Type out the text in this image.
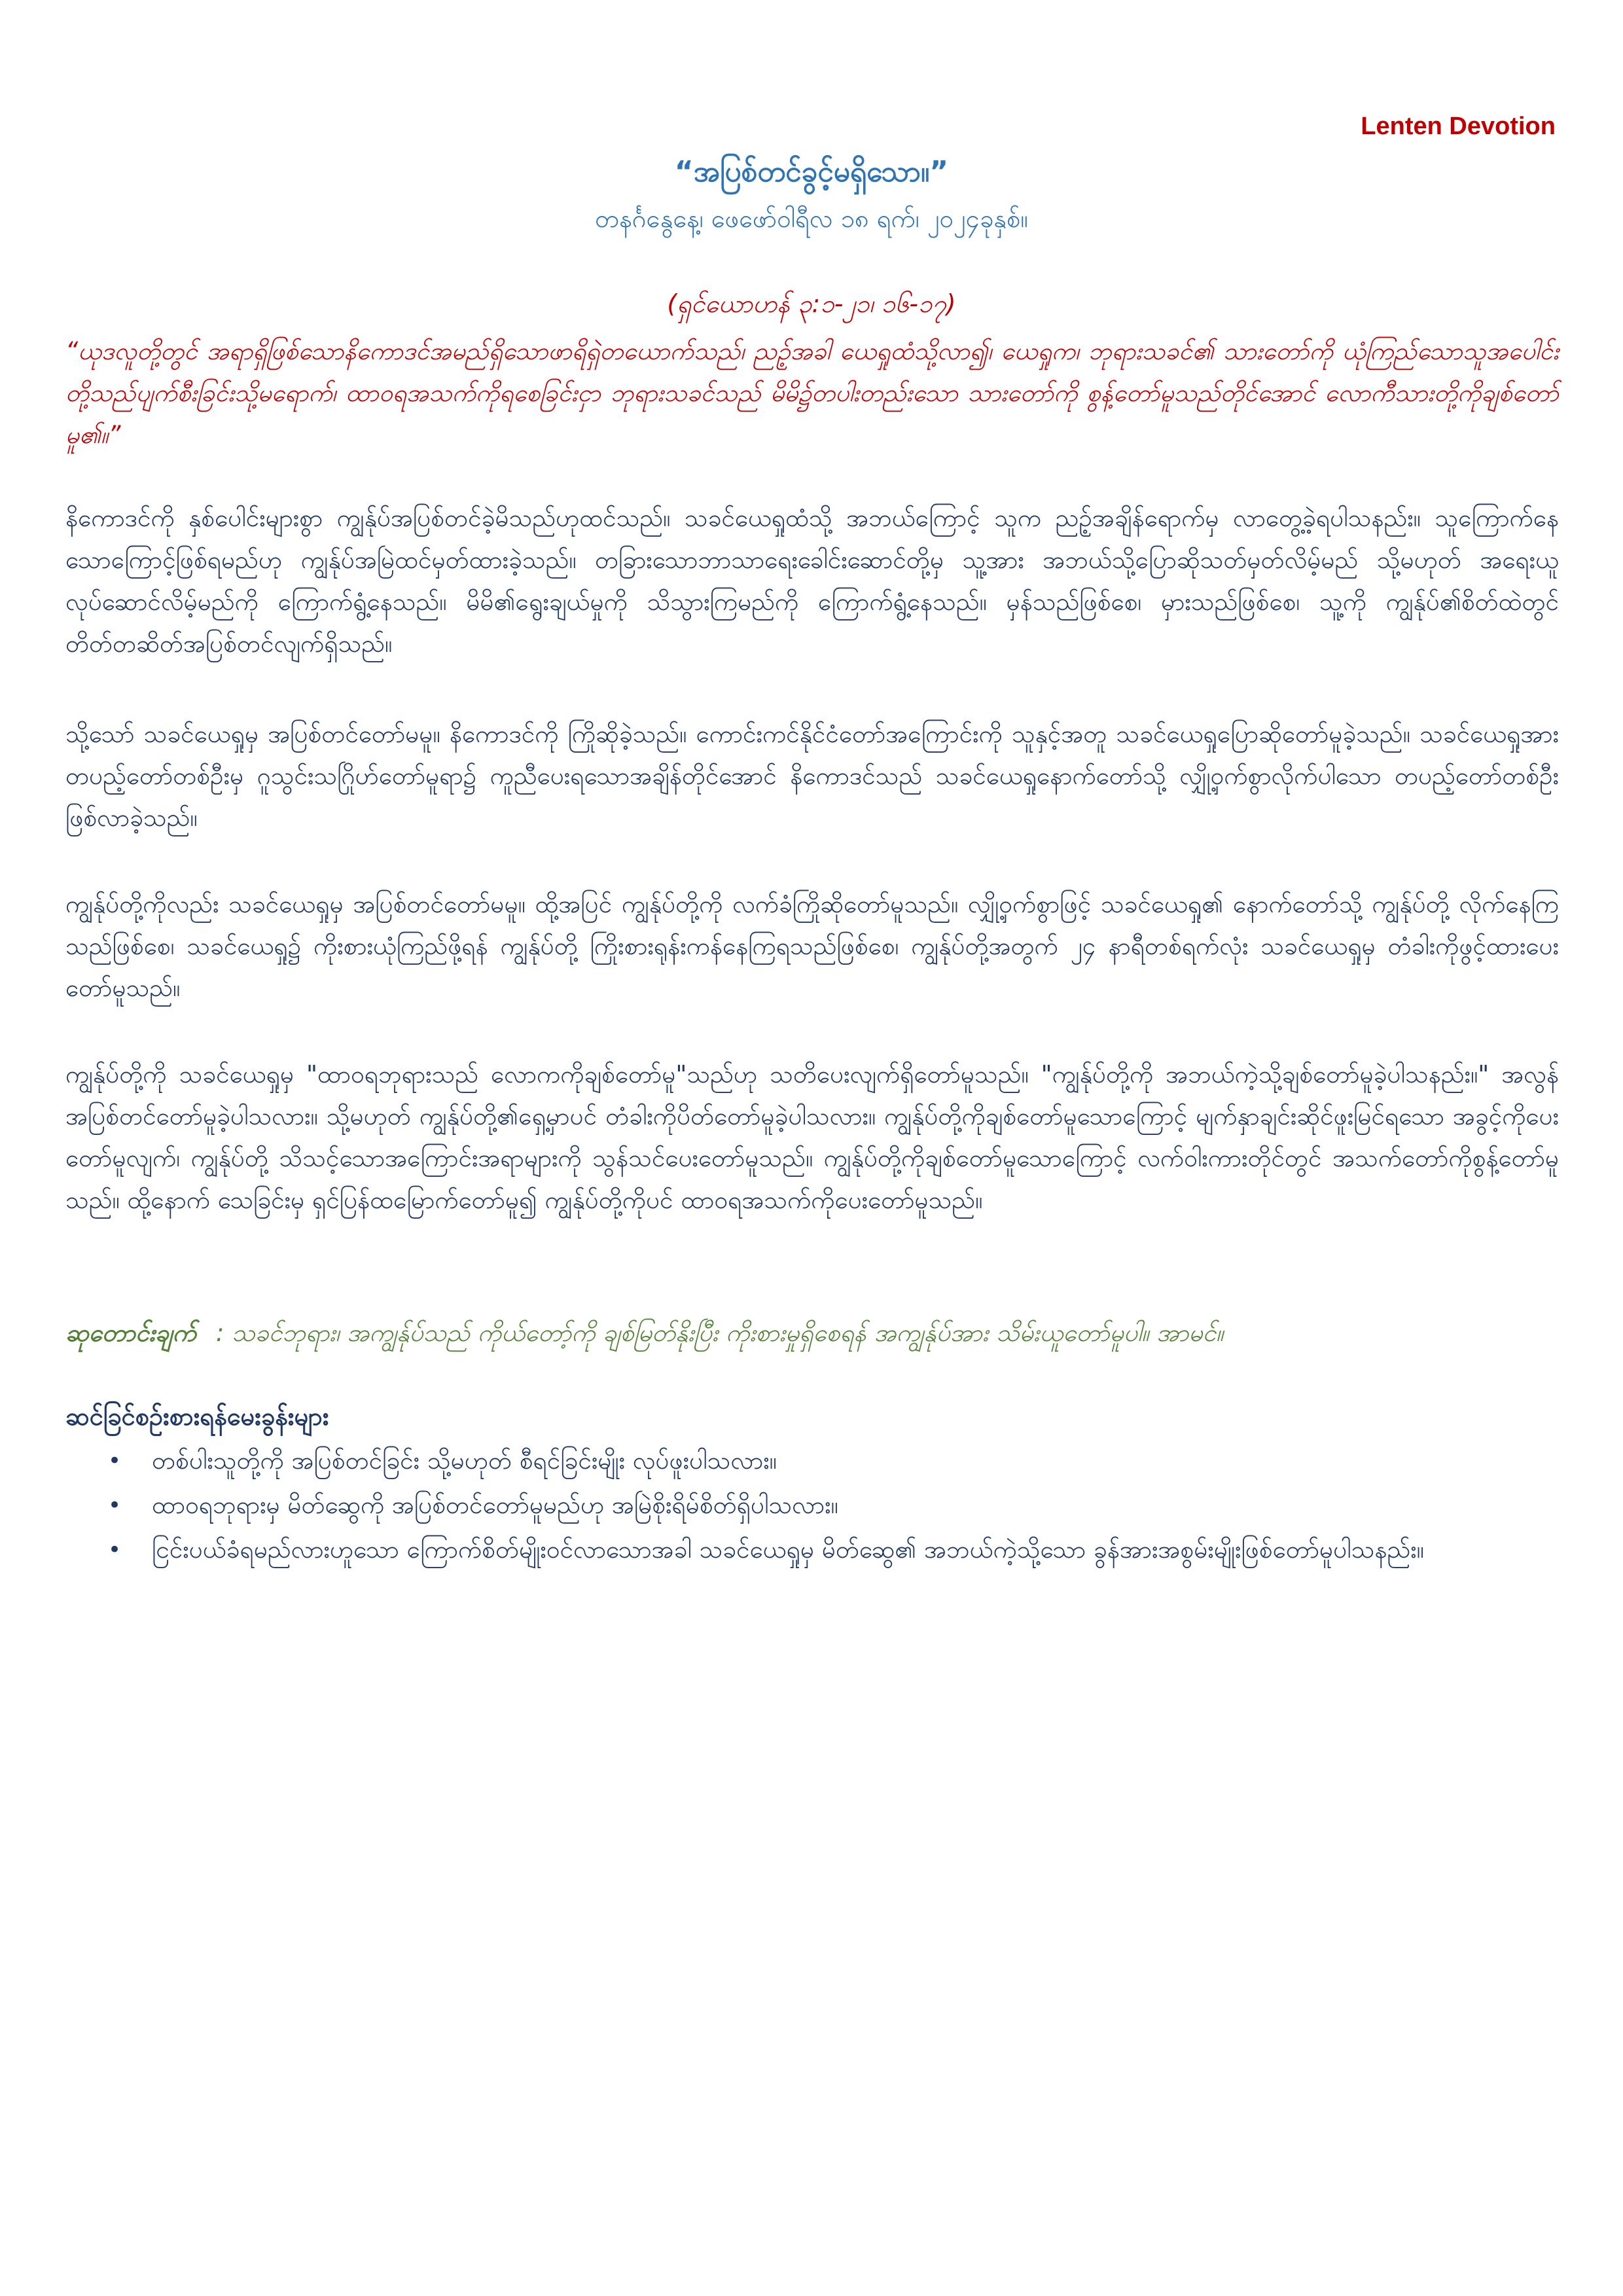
Lenten Devotion
“အပြစ်တင်ခွင့်မရှိသော။”
တနင်္ဂနွေနေ့၊ ဖေဖော်ဝါရီလ ၁၈ ရက်၊ ၂၀၂၄ခုနှစ်။
(ရှင်ယောဟန် ၃:၁-၂၁၊ ၁၆-၁၇)
“ယုဒလူတို့တွင် အရာရှိဖြစ်သောနိကောဒင်အမည်ရှိသောဖာရိရှဲတယောက်သည်၊ ညဥ့်အခါ ယေရှုထံသို့လာ၍၊ ယေရှုက၊ ဘုရားသခင်၏ သားတော်ကို ယုံကြည်သောသူအပေါင်းတို့သည်ပျက်စီးခြင်းသို့မရောက်၊ ထာဝရအသက်ကိုရစေခြင်းငှာ ဘုရားသခင်သည် မိမိ၌တပါးတည်းသော သားတော်ကို စွန့်တော်မူသည်တိုင်အောင် လောကီသားတို့ကိုချစ်တော်မူ၏။”
နိကောဒင်ကို နှစ်ပေါင်းများစွာ ကျွန်ုပ်အပြစ်တင်ခဲ့မိသည်ဟုထင်သည်။ သခင်ယေရှုထံသို့ အဘယ်ကြောင့် သူက ညဥ့်အချိန်ရောက်မှ လာတွေ့ခဲ့ရပါသနည်း။ သူကြောက်နေသောကြောင့်ဖြစ်ရမည်ဟု ကျွန်ုပ်အမြဲထင်မှတ်ထားခဲ့သည်။ တခြားသောဘာသာရေးခေါင်းဆောင်တို့မှ သူ့အား အဘယ်သို့ပြောဆိုသတ်မှတ်လိမ့်မည် သို့မဟုတ် အရေးယူလုပ်ဆောင်လိမ့်မည်ကို ကြောက်ရွံ့နေသည်။ မိမိ၏ရွေးချယ်မှုကို သိသွားကြမည်ကို ကြောက်ရွံ့နေသည်။ မှန်သည်ဖြစ်စေ၊ မှားသည်ဖြစ်စေ၊ သူ့ကို ကျွန်ုပ်၏စိတ်ထဲတွင် တိတ်တဆိတ်အပြစ်တင်လျက်ရှိသည်။
သို့သော် သခင်ယေရှုမှ အပြစ်တင်တော်မမူ။ နိကောဒင်ကို ကြိုဆိုခဲ့သည်။ ကောင်းကင်နိုင်ငံတော်အကြောင်းကို သူနှင့်အတူ သခင်ယေရှုပြောဆိုတော်မူခဲ့သည်။ သခင်ယေရှုအား တပည့်တော်တစ်ဦးမှ ဂူသွင်းသဂြိုဟ်တော်မူရာ၌ ကူညီပေးရသောအချိန်တိုင်အောင် နိကောဒင်သည် သခင်ယေရှုနောက်တော်သို့ လျှို့ဝှက်စွာလိုက်ပါသော တပည့်တော်တစ်ဦးဖြစ်လာခဲ့သည်။
ကျွန်ုပ်တို့ကိုလည်း သခင်ယေရှုမှ အပြစ်တင်တော်မမူ။ ထို့အပြင် ကျွန်ုပ်တို့ကို လက်ခံကြိုဆိုတော်မူသည်။ လျှို့ဝှက်စွာဖြင့် သခင်ယေရှု၏ နောက်တော်သို့ ကျွန်ုပ်တို့ လိုက်နေကြသည်ဖြစ်စေ၊ သခင်ယေရှု၌ ကိုးစားယုံကြည်ဖို့ရန် ကျွန်ုပ်တို့ ကြိုးစားရုန်းကန်နေကြရသည်ဖြစ်စေ၊ ကျွန်ုပ်တို့အတွက် ၂၄ နာရီတစ်ရက်လုံး သခင်ယေရှုမှ တံခါးကိုဖွင့်ထားပေးတော်မူသည်။
ကျွန်ုပ်တို့ကို သခင်ယေရှုမှ "ထာဝရဘုရားသည် လောကကိုချစ်တော်မူ"သည်ဟု သတိပေးလျက်ရှိတော်မူသည်။ "ကျွန်ုပ်တို့ကို အဘယ်ကဲ့သို့ချစ်တော်မူခဲ့ပါသနည်း။" အလွန်အပြစ်တင်တော်မူခဲ့ပါသလား။ သို့မဟုတ် ကျွန်ုပ်တို့၏ရှေ့မှာပင် တံခါးကိုပိတ်တော်မူခဲ့ပါသလား။ ကျွန်ုပ်တို့ကိုချစ်တော်မူသောကြောင့် မျက်နှာချင်းဆိုင်ဖူးမြင်ရသော အခွင့်ကိုပေးတော်မူလျက်၊ ကျွန်ုပ်တို့ သိသင့်သောအကြောင်းအရာများကို သွန်သင်ပေးတော်မူသည်။ ကျွန်ုပ်တို့ကိုချစ်တော်မူသောကြောင့် လက်ဝါးကားတိုင်တွင် အသက်တော်ကိုစွန့်တော်မူသည်။ ထို့နောက် သေခြင်းမှ ရှင်ပြန်ထမြောက်တော်မူ၍ ကျွန်ုပ်တို့ကိုပင် ထာဝရအသက်ကိုပေးတော်မူသည်။
ဆုတောင်းချက် : သခင်ဘုရား၊ အကျွန်ုပ်သည် ကိုယ်တော့်ကို ချစ်မြတ်နိုးပြီး ကိုးစားမှုရှိစေရန် အကျွန်ုပ်အား သိမ်းယူတော်မူပါ။ အာမင်။
ဆင်ခြင်စဉ်းစားရန်မေးခွန်းများ
• တစ်ပါးသူတို့ကို အပြစ်တင်ခြင်း သို့မဟုတ် စီရင်ခြင်းမျိုး လုပ်ဖူးပါသလား။
• ထာဝရဘုရားမှ မိတ်ဆွေကို အပြစ်တင်တော်မူမည်ဟု အမြဲစိုးရိမ်စိတ်ရှိပါသလား။
• ငြင်းပယ်ခံရမည်လားဟူသော ကြောက်စိတ်မျိုးဝင်လာသောအခါ သခင်ယေရှုမှ မိတ်ဆွေ၏ အဘယ်ကဲ့သို့သော ခွန်အားအစွမ်းမျိုးဖြစ်တော်မူပါသနည်း။
